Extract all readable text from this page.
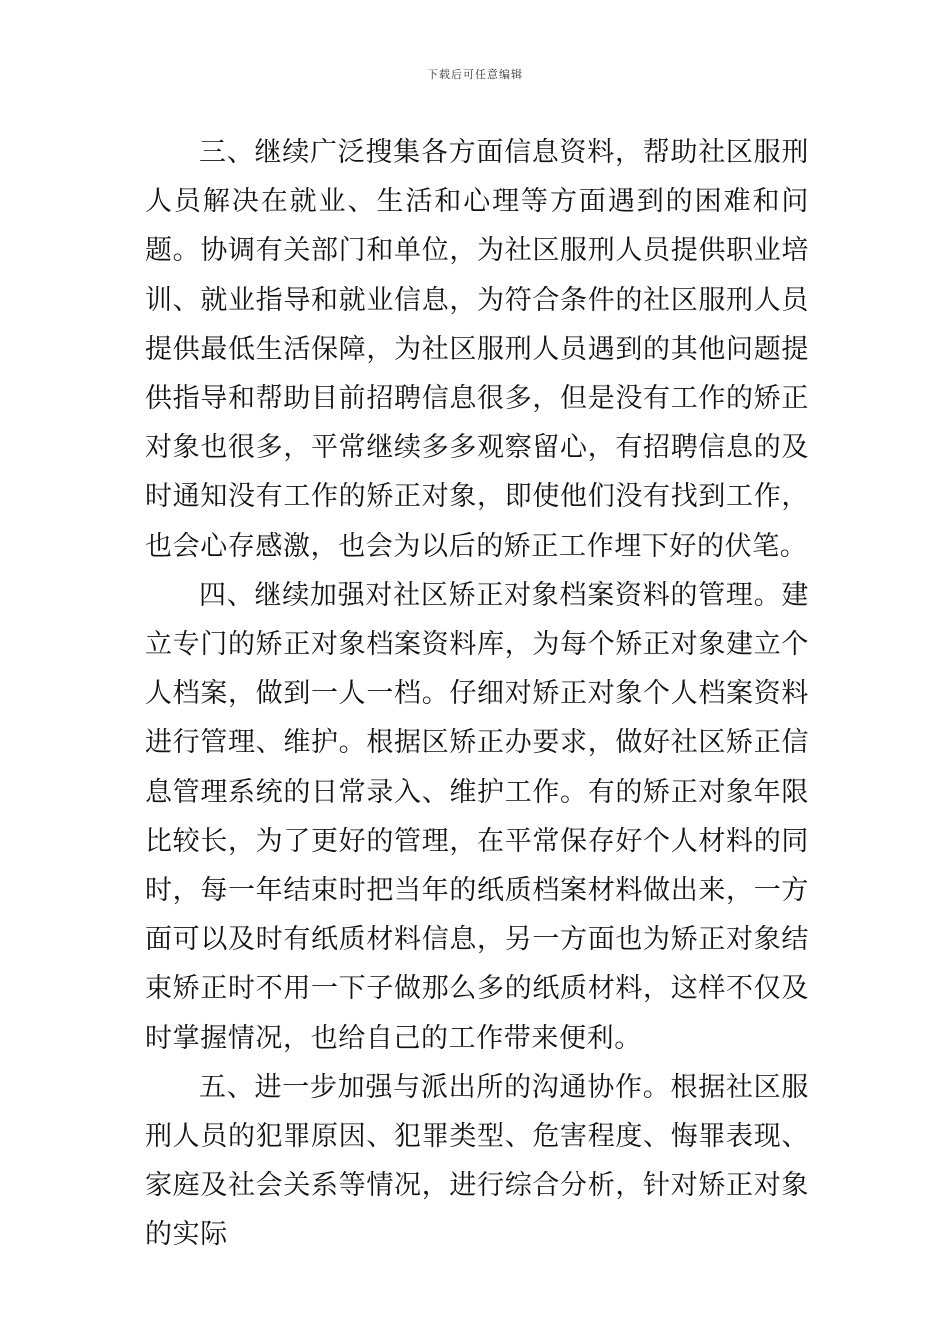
下载后可任意编辑

三、继续广泛搜集各方面信息资料，帮助社区服刑人员解决在就业、生活和心理等方面遇到的困难和问题。协调有关部门和单位，为社区服刑人员提供职业培训、就业指导和就业信息，为符合条件的社区服刑人员提供最低生活保障，为社区服刑人员遇到的其他问题提供指导和帮助目前招聘信息很多，但是没有工作的矫正对象也很多，平常继续多多观察留心，有招聘信息的及时通知没有工作的矫正对象，即使他们没有找到工作，也会心存感激，也会为以后的矫正工作埋下好的伏笔。

四、继续加强对社区矫正对象档案资料的管理。建立专门的矫正对象档案资料库，为每个矫正对象建立个人档案，做到一人一档。仔细对矫正对象个人档案资料进行管理、维护。根据区矫正办要求，做好社区矫正信息管理系统的日常录入、维护工作。有的矫正对象年限比较长，为了更好的管理，在平常保存好个人材料的同时，每一年结束时把当年的纸质档案材料做出来，一方面可以及时有纸质材料信息，另一方面也为矫正对象结束矫正时不用一下子做那么多的纸质材料，这样不仅及时掌握情况，也给自己的工作带来便利。

五、进一步加强与派出所的沟通协作。根据社区服刑人员的犯罪原因、犯罪类型、危害程度、悔罪表现、家庭及社会关系等情况，进行综合分析，针对矫正对象的实际
